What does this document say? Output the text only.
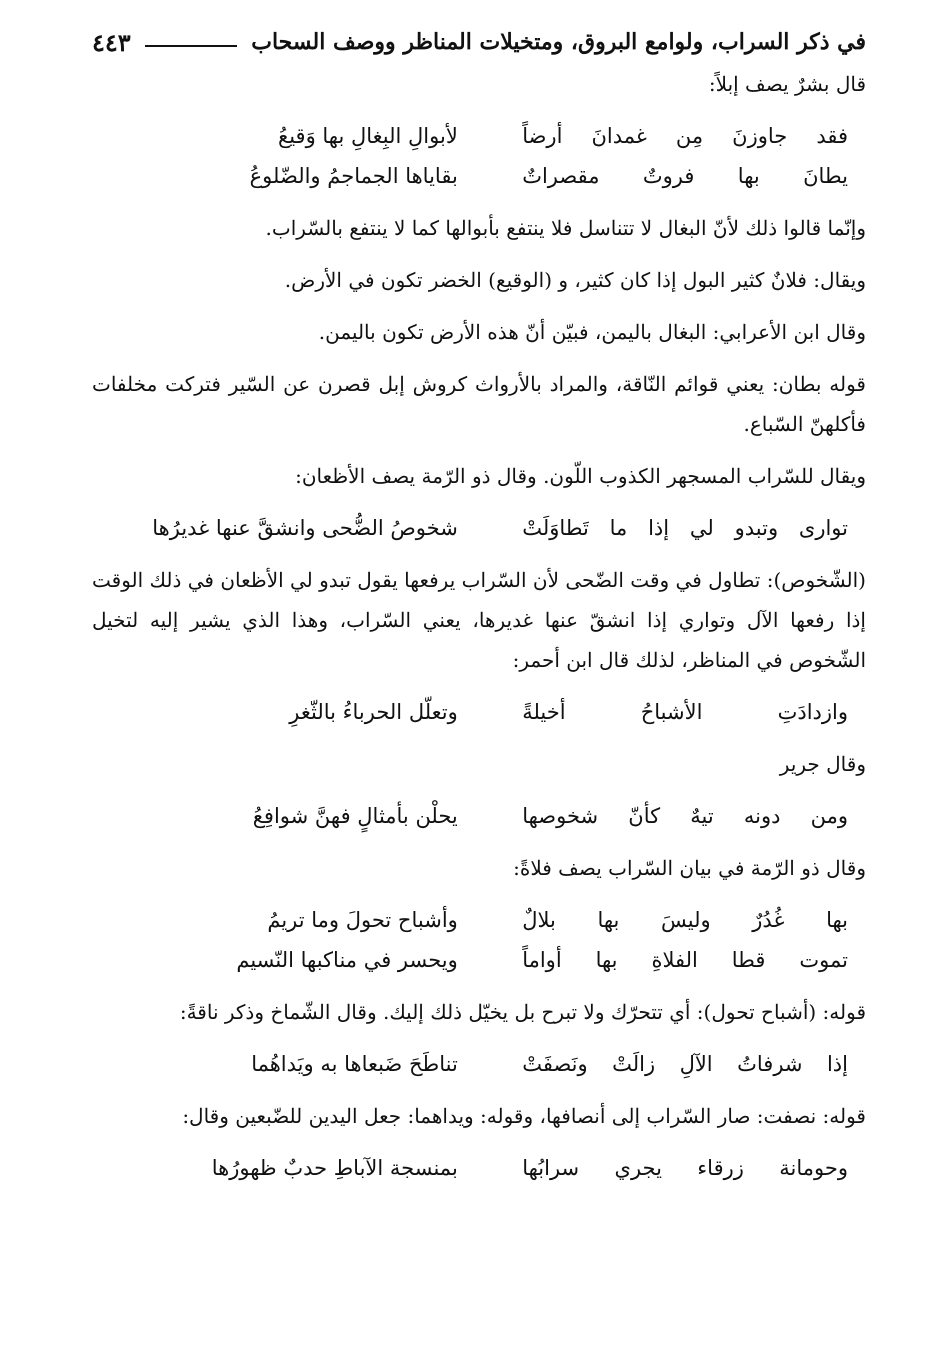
في ذكر السراب، ولوامع البروق، ومتخيلات المناظر ووصف السحاب
٤٤٣

قال بشرٌ يصف إبلاً:

فقد جاوزنَ مِن غمدانَ أرضاً
لأبوالِ البِغالِ بها وَقيعُ
يطانَ بها فروتٌ مقصراتٌ
بقاياها الجماجمُ والضّلوعُ

وإنّما قالوا ذلك لأنّ البغال لا تتناسل فلا ينتفع بأبوالها كما لا ينتفع بالسّراب.

ويقال: فلانٌ كثير البول إذا كان كثير، و (الوقيع) الخضر تكون في الأرض.

وقال ابن الأعرابي: البغال باليمن، فبيّن أنّ هذه الأرض تكون باليمن.

قوله بطان: يعني قوائم النّاقة، والمراد بالأرواث كروش إبل قصرن عن السّير فتركت مخلفات فأكلهنّ السّباع.

ويقال للسّراب المسجهر الكذوب اللّون. وقال ذو الرّمة يصف الأظعان:

توارى وتبدو لي إذا ما تَطاوَلَتْ
شخوصُ الضُّحى وانشقَّ عنها غديرُها

(الشّخوص): تطاول في وقت الضّحى لأن السّراب يرفعها يقول تبدو لي الأظعان في ذلك الوقت إذا رفعها الآل وتواري إذا انشقّ عنها غديرها، يعني السّراب، وهذا الذي يشير إليه لتخيل الشّخوص في المناظر، لذلك قال ابن أحمر:

وازدادَتِ الأشباحُ أخيلةً
وتعلّل الحرباءُ بالثّغرِ

وقال جرير

ومن دونه تيهٌ كأنّ شخوصها
يحلْن بأمثالٍ فهنَّ شوافِعُ

وقال ذو الرّمة في بيان السّراب يصف فلاةً:

بها غُدُرٌ وليسَ بها بلالٌ
وأشباح تحولَ وما تريمُ
تموت قطا الفلاةِ بها أواماً
ويحسر في مناكبها النّسيم

قوله: (أشباح تحول): أي تتحرّك ولا تبرح بل يخيّل ذلك إليك. وقال الشّماخ وذكر ناقةً:

إذا شرفاتُ الآلِ زالَتْ ونَصفَتْ
تناطَحَ ضَبعاها به ويَداهُما

قوله: نصفت: صار السّراب إلى أنصافها، وقوله: ويداهما: جعل اليدين للضّبعين وقال:

وحومانة زرقاء يجري سرابُها
بمنسجة الآباطِ حدبٌ ظهورُها
